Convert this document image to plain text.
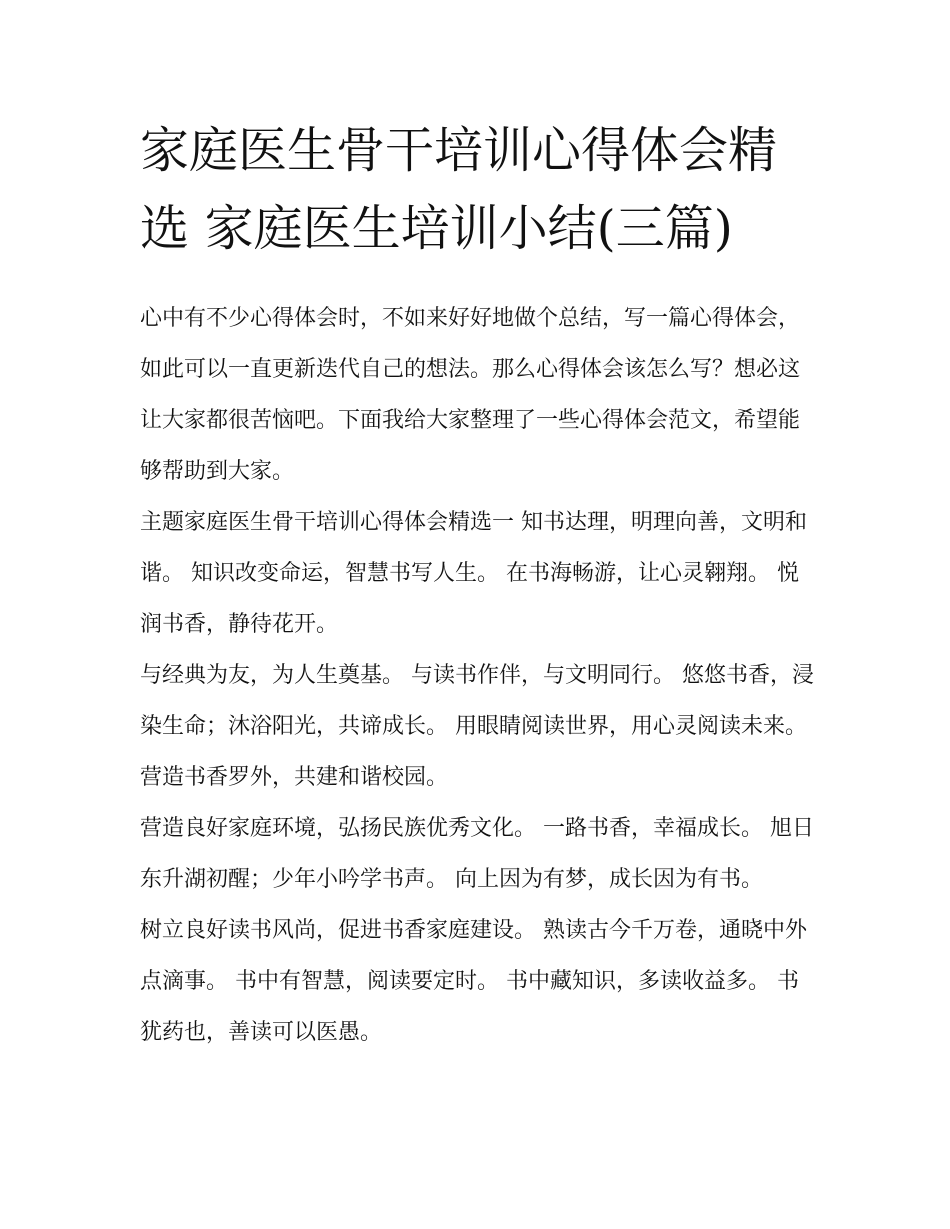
家庭医生骨干培训心得体会精选 家庭医生培训小结(三篇)

心中有不少心得体会时，不如来好好地做个总结，写一篇心得体会，如此可以一直更新迭代自己的想法。那么心得体会该怎么写？想必这让大家都很苦恼吧。下面我给大家整理了一些心得体会范文，希望能够帮助到大家。

主题家庭医生骨干培训心得体会精选一 知书达理，明理向善，文明和谐。 知识改变命运，智慧书写人生。 在书海畅游，让心灵翱翔。 悦润书香，静待花开。

与经典为友，为人生奠基。 与读书作伴，与文明同行。 悠悠书香，浸染生命；沐浴阳光，共谛成长。 用眼睛阅读世界，用心灵阅读未来。 营造书香罗外，共建和谐校园。

营造良好家庭环境，弘扬民族优秀文化。 一路书香，幸福成长。 旭日东升湖初醒；少年小吟学书声。 向上因为有梦，成长因为有书。

树立良好读书风尚，促进书香家庭建设。 熟读古今千万卷，通晓中外点滴事。 书中有智慧，阅读要定时。 书中藏知识，多读收益多。 书犹药也，善读可以医愚。
